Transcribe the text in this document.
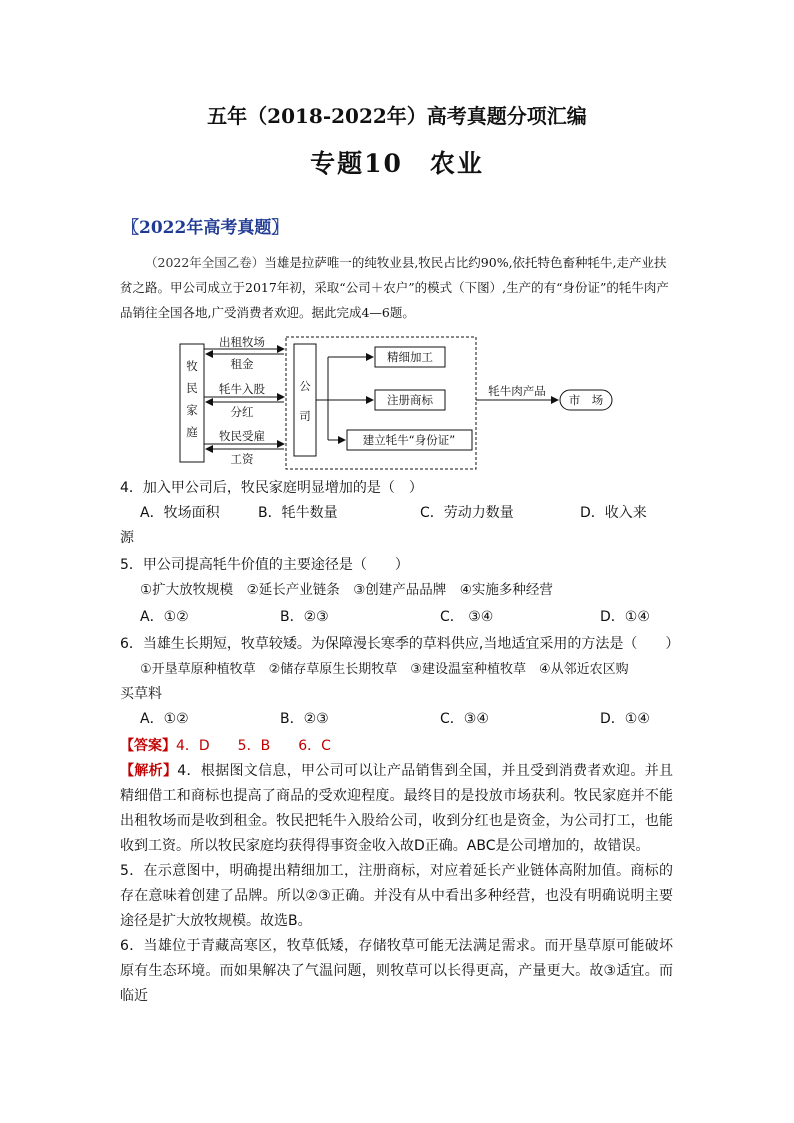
五年（2018-2022年）高考真题分项汇编
专题10　农业
〖2022年高考真题〗
（2022年全国乙卷）当雄是拉萨唯一的纯牧业县,牧民占比约90%,依托特色畜种牦牛,走产业扶贫之路。甲公司成立于2017年初，采取“公司＋农户”的模式（下图）,生产的有“身份证”的牦牛肉产品销往全国各地,广受消费者欢迎。据此完成4—6题。
牧
民
家
庭
公
司
出租牧场
租金
牦牛入股
分红
牧民受雇
工资
精细加工
注册商标
建立牦牛“身份证”
牦牛肉产品
市　场

4．加入甲公司后，牧民家庭明显增加的是（　）

A．牧场面积	B．牦牛数量	C．劳动力数量	D．收入来

源

5．甲公司提高牦牛价值的主要途径是（　　）

①扩大放牧规模　②延长产业链条　③创建产品品牌　④实施多种经营
A．①②	B．②③	C． ③④	D．①④

6．当雄生长期短，牧草较矮。为保障漫长寒季的草料供应,当地适宜采用的方法是（　　）

①开垦草原种植牧草　②储存草原生长期牧草　③建设温室种植牧草　④从邻近农区购

买草料

A．①②	B．②③	C．③④	D．①④
【答案】4．D　　5．B　　6．C
【解析】4．根据图文信息，甲公司可以让产品销售到全国，并且受到消费者欢迎。并且精细借工和商标也提高了商品的受欢迎程度。最终目的是投放市场获利。牧民家庭并不能出租牧场而是收到租金。牧民把牦牛入股给公司，收到分红也是资金，为公司打工，也能收到工资。所以牧民家庭均获得得事资金收入故D正确。ABC是公司增加的，故错误。
5．在示意图中，明确提出精细加工，注册商标，对应着延长产业链体高附加值。商标的存在意味着创建了品牌。所以②③正确。并没有从中看出多种经营，也没有明确说明主要途径是扩大放牧规模。故选B。
6．当雄位于青藏高寒区，牧草低矮，存储牧草可能无法满足需求。而开垦草原可能破坏原有生态环境。而如果解决了气温问题，则牧草可以长得更高，产量更大。故③适宜。而临近
